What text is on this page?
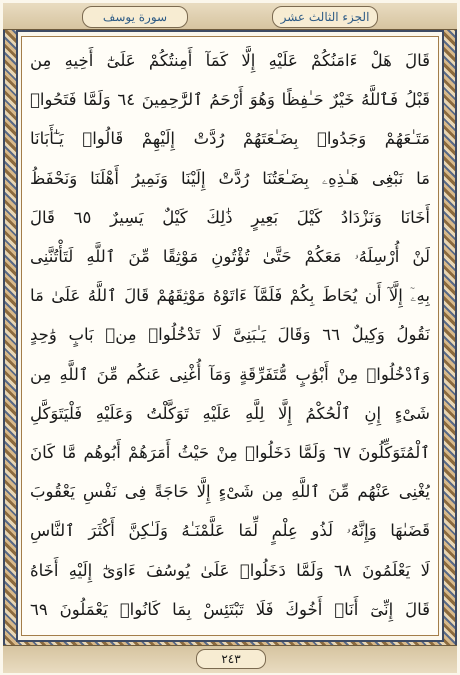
سورة يوسف	الجزء الثالث عشر
قَالَ هَلْ ءَامَنُكُمْ عَلَيْهِ إِلَّا كَمَآ أَمِنتُكُمْ عَلَىٰٓ أَخِيهِ مِن
قَبْلُ فَٱللَّهُ خَيْرٌ حَـٰفِظًا وَهُوَ أَرْحَمُ ٱلرَّٰحِمِينَ ٦٤ وَلَمَّا فَتَحُوا۟
مَتَـٰعَهُمْ وَجَدُوا۟ بِضَـٰعَتَهُمْ رُدَّتْ إِلَيْهِمْ قَالُوا۟ يَـٰٓأَبَانَا
مَا نَبْغِى هَـٰذِهِۦ بِضَـٰعَتُنَا رُدَّتْ إِلَيْنَا وَنَمِيرُ أَهْلَنَا وَنَحْفَظُ
أَخَانَا وَنَزْدَادُ كَيْلَ بَعِيرٍ ذَٰلِكَ كَيْلٌ يَسِيرٌ ٦٥ قَالَ
لَنْ أُرْسِلَهُۥ مَعَكُمْ حَتَّىٰ تُؤْتُونِ مَوْثِقًا مِّنَ ٱللَّهِ لَتَأْتُنَّنِى
بِهِۦٓ إِلَّآ أَن يُحَاطَ بِكُمْ فَلَمَّآ ءَاتَوْهُ مَوْثِقَهُمْ قَالَ ٱللَّهُ عَلَىٰ مَا
نَقُولُ وَكِيلٌ ٦٦ وَقَالَ يَـٰبَنِىَّ لَا تَدْخُلُوا۟ مِنۢ بَابٍ وَٰحِدٍ
وَٱدْخُلُوا۟ مِنْ أَبْوَٰبٍ مُّتَفَرِّقَةٍ وَمَآ أُغْنِى عَنكُم مِّنَ ٱللَّهِ مِن
شَىْءٍ إِنِ ٱلْحُكْمُ إِلَّا لِلَّهِ عَلَيْهِ تَوَكَّلْتُ وَعَلَيْهِ فَلْيَتَوَكَّلِ
ٱلْمُتَوَكِّلُونَ ٦٧ وَلَمَّا دَخَلُوا۟ مِنْ حَيْثُ أَمَرَهُمْ أَبُوهُم مَّا كَانَ
يُغْنِى عَنْهُم مِّنَ ٱللَّهِ مِن شَىْءٍ إِلَّا حَاجَةً فِى نَفْسِ يَعْقُوبَ
قَضَىٰهَا وَإِنَّهُۥ لَذُو عِلْمٍ لِّمَا عَلَّمْنَـٰهُ وَلَـٰكِنَّ أَكْثَرَ ٱلنَّاسِ
لَا يَعْلَمُونَ ٦٨ وَلَمَّا دَخَلُوا۟ عَلَىٰ يُوسُفَ ءَاوَىٰٓ إِلَيْهِ أَخَاهُ
قَالَ إِنِّىٓ أَنَا۠ أَخُوكَ فَلَا تَبْتَئِسْ بِمَا كَانُوا۟ يَعْمَلُونَ ٦٩
٢٤٣
